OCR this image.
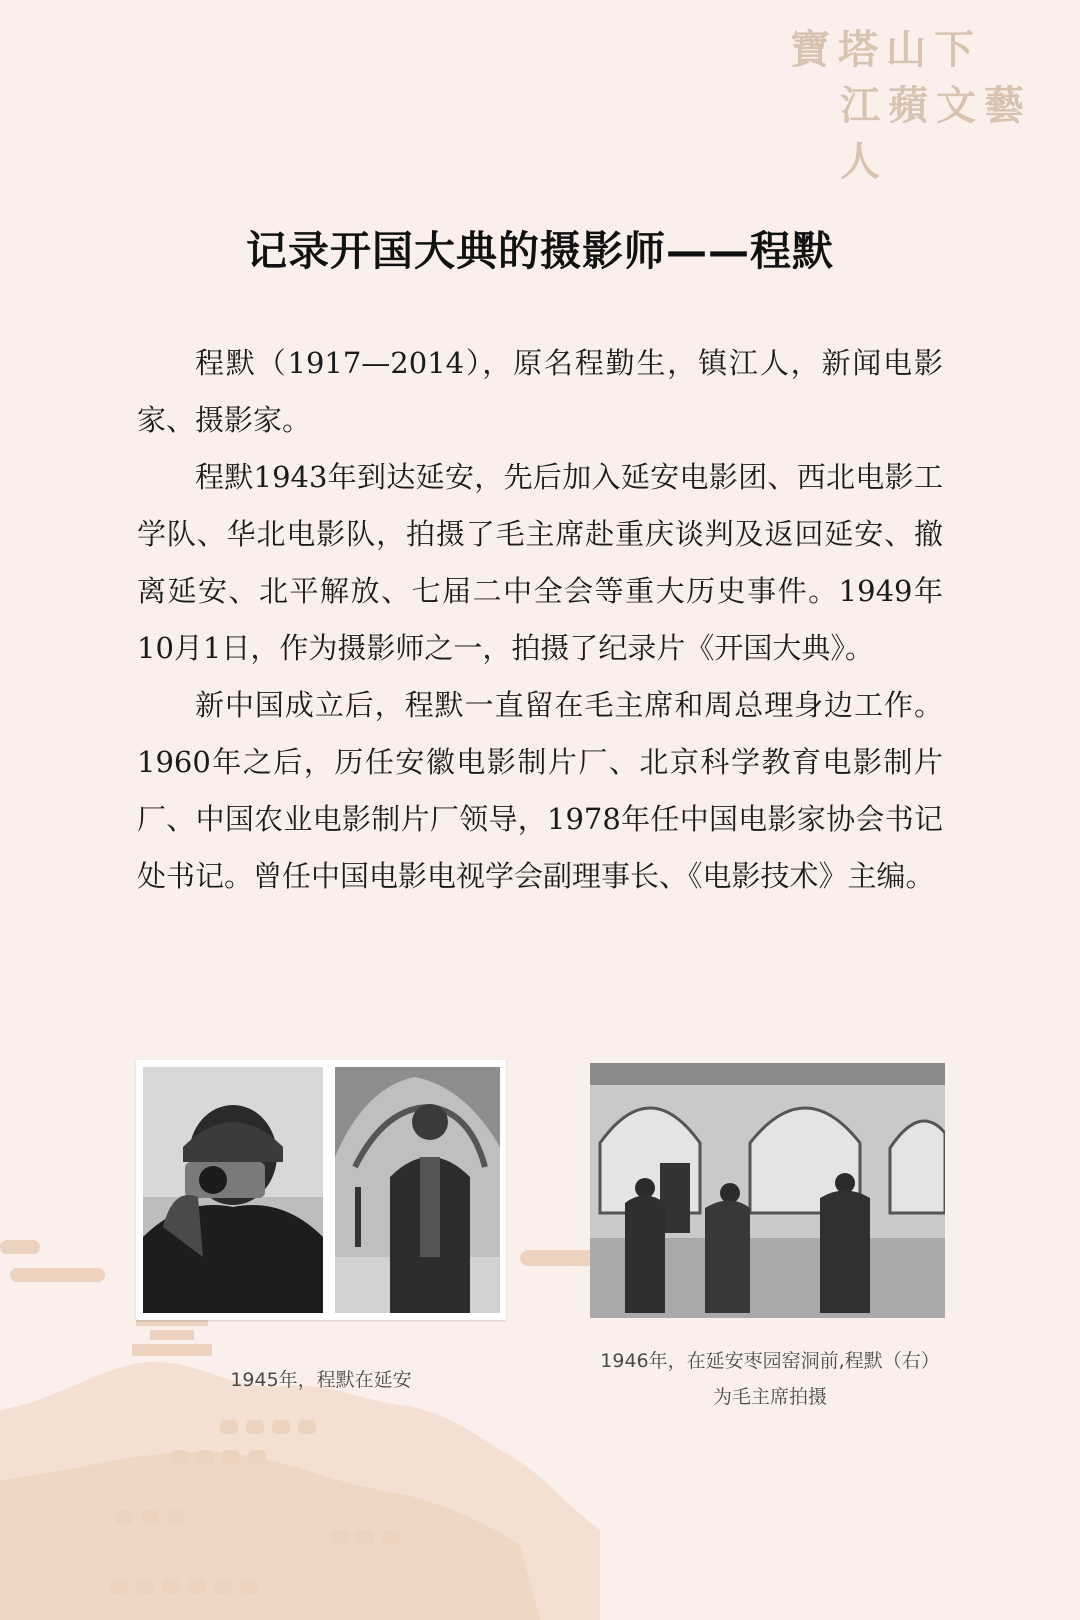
寶塔山下
江蘋文藝人
记录开国大典的摄影师——程默

程默（1917—2014），原名程勤生，镇江人，新闻电影家、摄影家。

程默1943年到达延安，先后加入延安电影团、西北电影工学队、华北电影队，拍摄了毛主席赴重庆谈判及返回延安、撤离延安、北平解放、七届二中全会等重大历史事件。1949年10月1日，作为摄影师之一，拍摄了纪录片《开国大典》。

新中国成立后，程默一直留在毛主席和周总理身边工作。1960年之后，历任安徽电影制片厂、北京科学教育电影制片厂、中国农业电影制片厂领导，1978年任中国电影家协会书记处书记。曾任中国电影电视学会副理事长、《电影技术》主编。

1945年，程默在延安
1946年，在延安枣园窑洞前,程默（右）
为毛主席拍摄
